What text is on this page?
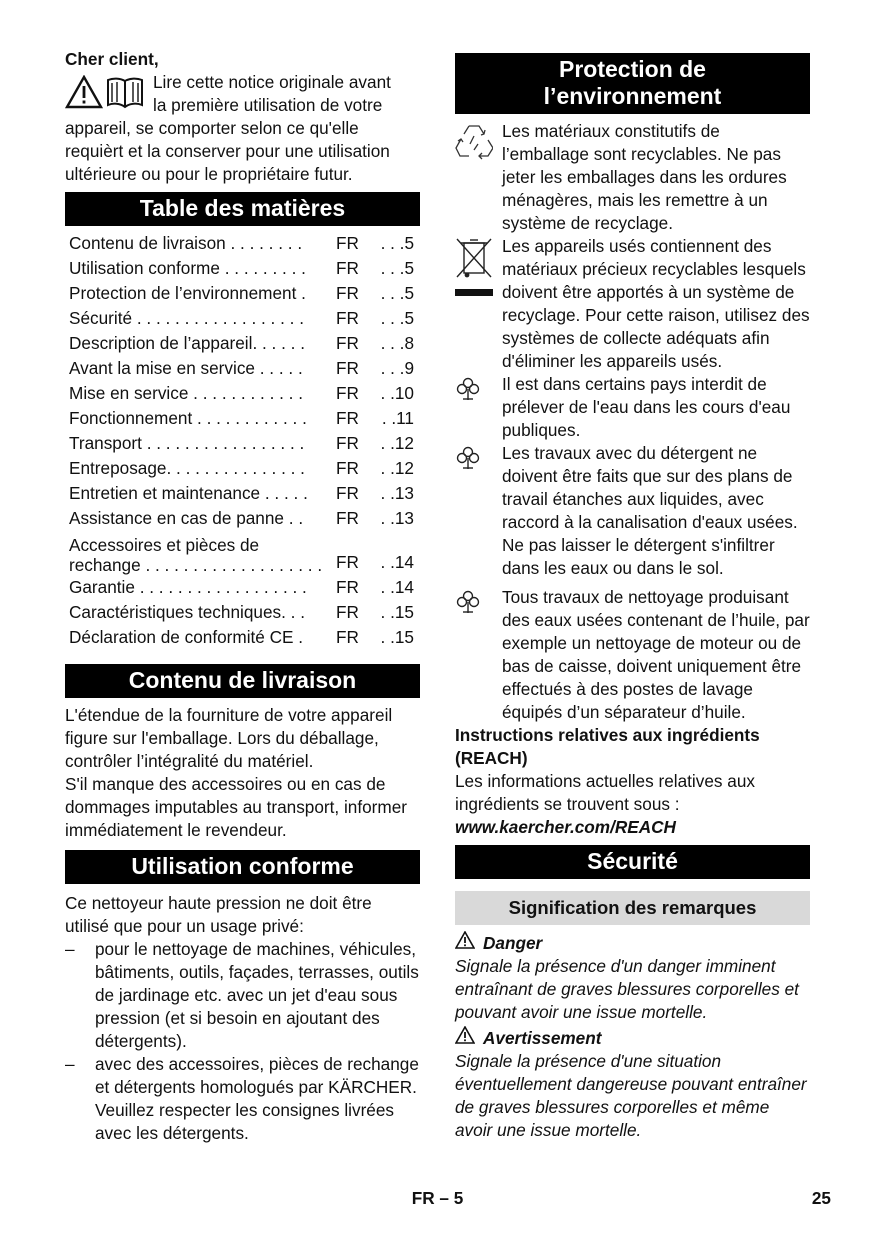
Cher client,

Lire cette notice originale avant

la première utilisation de votre

appareil, se comporter selon ce qu'elle requièrt et la conserver pour une utilisation ultérieure ou pour le propriétaire futur.

Table des matières
Contenu de livraison . . . . . . . .	FR	. . .5
Utilisation conforme . . . . . . . . .	FR	. . .5
Protection de l’environnement .	FR	. . .5
Sécurité . . . . . . . . . . . . . . . . . .	FR	. . .5
Description de l’appareil. . . . . .	FR	. . .8
Avant la mise en service . . . . .	FR	. . .9
Mise en service . . . . . . . . . . . .	FR	. .10
Fonctionnement . . . . . . . . . . . .	FR	. .11
Transport . . . . . . . . . . . . . . . . .	FR	. .12
Entreposage. . . . . . . . . . . . . . .	FR	. .12
Entretien et maintenance . . . . .	FR	. .13
Assistance en cas de panne . .	FR	. .13
Accessoires et pièces de rechange . . . . . . . . . . . . . . . . . . . FR	. .14
Garantie . . . . . . . . . . . . . . . . . .	FR	. .14
Caractéristiques techniques. . .	FR	. .15
Déclaration de conformité CE .	FR	. .15
Contenu de livraison

L'étendue de la fourniture de votre appareil figure sur l'emballage. Lors du déballage, contrôler l’intégralité du matériel.

S'il manque des accessoires ou en cas de dommages imputables au transport, informer immédiatement le revendeur.

Utilisation conforme

Ce nettoyeur haute pression ne doit être utilisé que pour un usage privé:

– pour le nettoyage de machines, véhicules, bâtiments, outils, façades, terrasses, outils de jardinage etc. avec un jet d'eau sous pression (et si besoin en ajoutant des détergents).
– avec des accessoires, pièces de rechange et détergents homologués par KÄRCHER. Veuillez respecter les consignes livrées avec les détergents.
Protection de
l’environnement
Les matériaux constitutifs de l’emballage sont recyclables. Ne pas jeter les emballages dans les ordures ménagères, mais les remettre à un système de recyclage.
Les appareils usés contiennent des matériaux précieux recyclables lesquels doivent être apportés à un système de recyclage. Pour cette raison, utilisez des systèmes de collecte adéquats afin d'éliminer les appareils usés.
Il est dans certains pays interdit de prélever de l'eau dans les cours d'eau publiques.
Les travaux avec du détergent ne doivent être faits que sur des plans de travail étanches aux liquides, avec raccord à la canalisation d'eaux usées. Ne pas laisser le détergent s'infiltrer dans les eaux ou dans le sol.
Tous travaux de nettoyage produisant des eaux usées contenant de l’huile, par exemple un nettoyage de moteur ou de bas de caisse, doivent uniquement être effectués à des postes de lavage équipés d’un séparateur d’huile.

Instructions relatives aux ingrédients (REACH)

Les informations actuelles relatives aux ingrédients se trouvent sous :

www.kaercher.com/REACH

Sécurité
Signification des remarques
Danger

Signale la présence d'un danger imminent entraînant de graves blessures corporelles et pouvant avoir une issue mortelle.

Avertissement

Signale la présence d'une situation éventuellement dangereuse pouvant entraîner de graves blessures corporelles et même avoir une issue mortelle.

FR – 5	25
